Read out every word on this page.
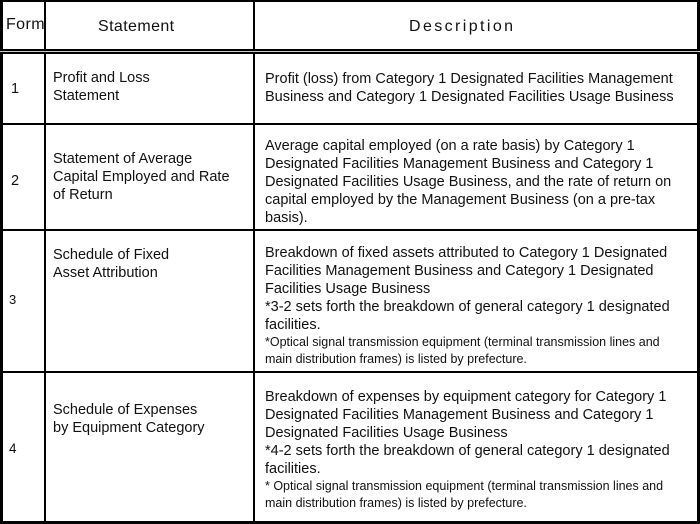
Form	Statement	Description
1
Profit and Loss
Statement
Profit (loss) from Category 1 Designated Facilities Management
Business and Category 1 Designated Facilities Usage Business
2
Statement of Average
Capital Employed and Rate
of Return
Average capital employed (on a rate basis) by Category 1
Designated Facilities Management Business and Category 1
Designated Facilities Usage Business, and the rate of return on
capital employed by the Management Business (on a pre-tax
basis).
3
Schedule of Fixed
Asset Attribution
Breakdown of fixed assets attributed to Category 1 Designated
Facilities Management Business and Category 1 Designated
Facilities Usage Business
*3-2 sets forth the breakdown of general category 1 designated
facilities.
*Optical signal transmission equipment (terminal transmission lines and
main distribution frames) is listed by prefecture.
4
Schedule of Expenses
by Equipment Category
Breakdown of expenses by equipment category for Category 1
Designated Facilities Management Business and Category 1
Designated Facilities Usage Business
*4-2 sets forth the breakdown of general category 1 designated
facilities.
* Optical signal transmission equipment (terminal transmission lines and
main distribution frames) is listed by prefecture.
